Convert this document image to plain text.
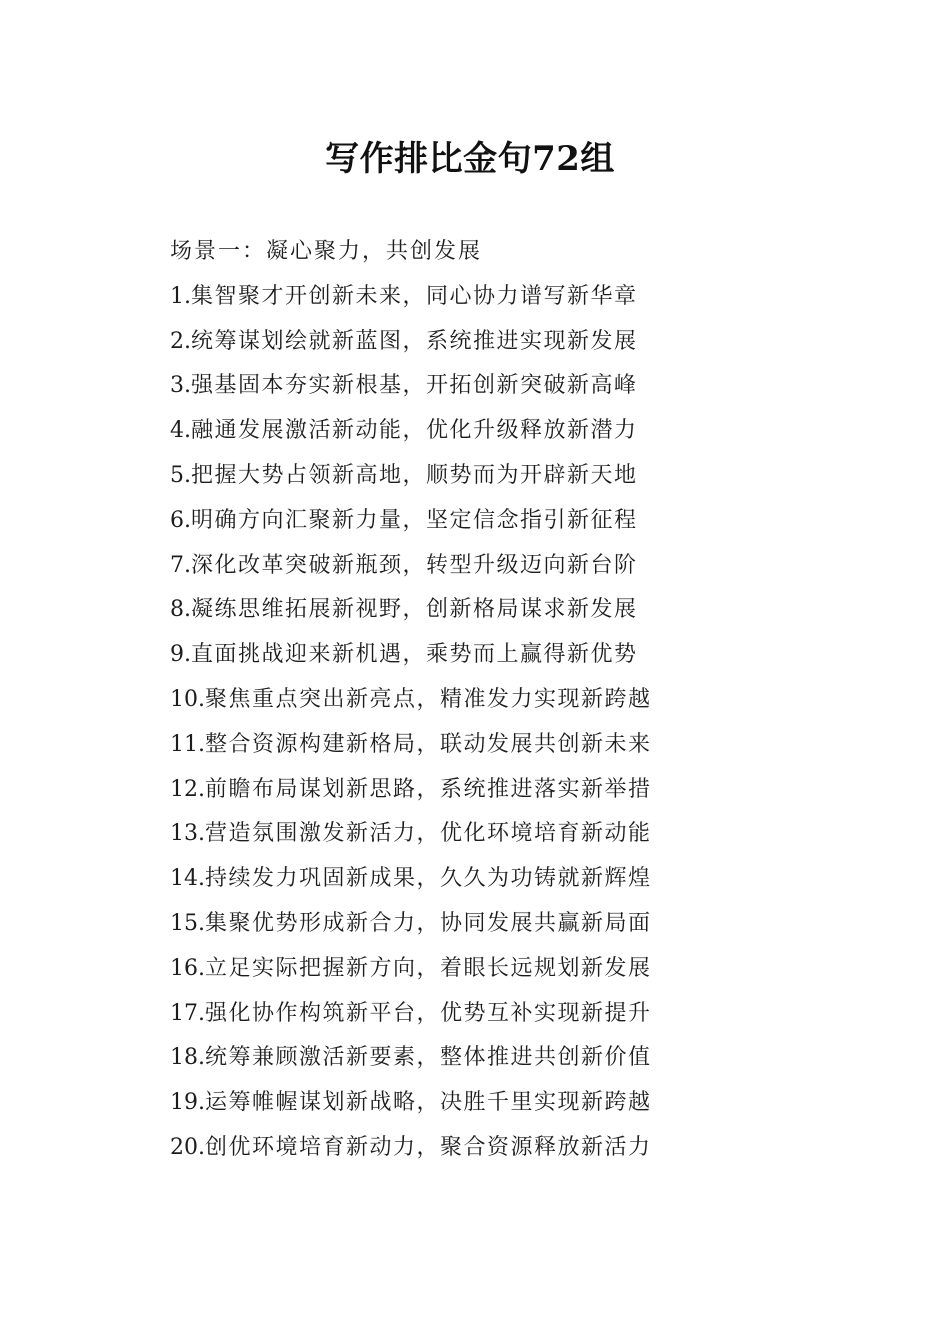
写作排比金句72组
场景一：凝心聚力，共创发展
1.集智聚才开创新未来，同心协力谱写新华章
2.统筹谋划绘就新蓝图，系统推进实现新发展
3.强基固本夯实新根基，开拓创新突破新高峰
4.融通发展激活新动能，优化升级释放新潜力
5.把握大势占领新高地，顺势而为开辟新天地
6.明确方向汇聚新力量，坚定信念指引新征程
7.深化改革突破新瓶颈，转型升级迈向新台阶
8.凝练思维拓展新视野，创新格局谋求新发展
9.直面挑战迎来新机遇，乘势而上赢得新优势
10.聚焦重点突出新亮点，精准发力实现新跨越
11.整合资源构建新格局，联动发展共创新未来
12.前瞻布局谋划新思路，系统推进落实新举措
13.营造氛围激发新活力，优化环境培育新动能
14.持续发力巩固新成果，久久为功铸就新辉煌
15.集聚优势形成新合力，协同发展共赢新局面
16.立足实际把握新方向，着眼长远规划新发展
17.强化协作构筑新平台，优势互补实现新提升
18.统筹兼顾激活新要素，整体推进共创新价值
19.运筹帷幄谋划新战略，决胜千里实现新跨越
20.创优环境培育新动力，聚合资源释放新活力
